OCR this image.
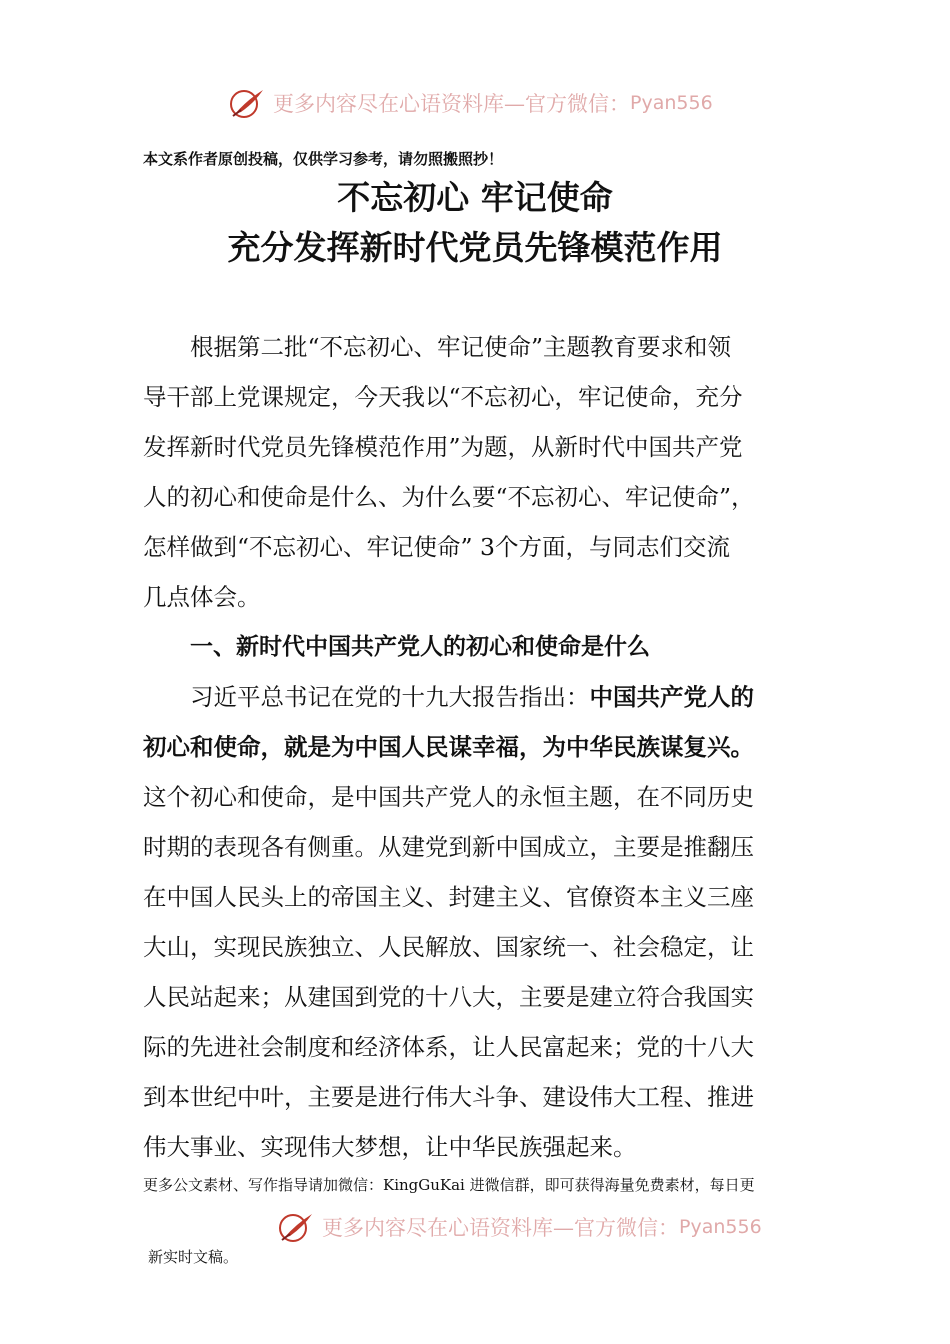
更多内容尽在心语资料库—官方微信： Pyan556
本文系作者原创投稿，仅供学习参考，请勿照搬照抄！
不忘初心 牢记使命
充分发挥新时代党员先锋模范作用
根据第二批“不忘初心、牢记使命”主题教育要求和领
导干部上党课规定，今天我以“不忘初心，牢记使命，充分
发挥新时代党员先锋模范作用”为题，从新时代中国共产党
人的初心和使命是什么、为什么要“不忘初心、牢记使命”，
怎样做到“不忘初心、牢记使命” 3个方面，与同志们交流
几点体会。
一、新时代中国共产党人的初心和使命是什么
习近平总书记在党的十九大报告指出：中国共产党人的
初心和使命，就是为中国人民谋幸福，为中华民族谋复兴。
这个初心和使命，是中国共产党人的永恒主题，在不同历史
时期的表现各有侧重。从建党到新中国成立，主要是推翻压
在中国人民头上的帝国主义、封建主义、官僚资本主义三座
大山，实现民族独立、人民解放、国家统一、社会稳定，让
人民站起来；从建国到党的十八大，主要是建立符合我国实
际的先进社会制度和经济体系，让人民富起来；党的十八大
到本世纪中叶，主要是进行伟大斗争、建设伟大工程、推进
伟大事业、实现伟大梦想，让中华民族强起来。
更多公文素材、写作指导请加微信：KingGuKai 进微信群，即可获得海量免费素材，每日更
更多内容尽在心语资料库—官方微信： Pyan556
新实时文稿。
